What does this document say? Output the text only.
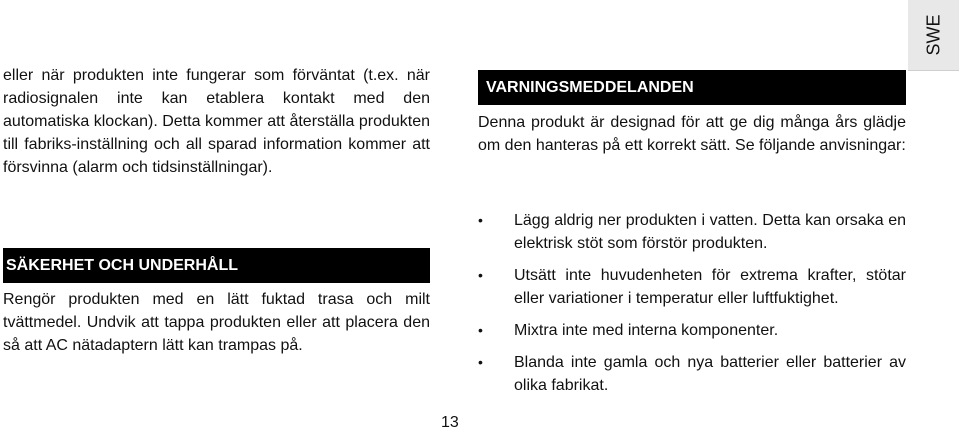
SWE

eller när produkten inte fungerar som förväntat (t.ex. när radiosignalen inte kan etablera kontakt med den automatiska klockan). Detta kommer att återställa produkten till fabriks-inställning och all sparad information kommer att försvinna (alarm och tidsinställningar).

SÄKERHET OCH UNDERHÅLL

Rengör produkten med en lätt fuktad trasa och milt tvättmedel. Undvik att tappa produkten eller att placera den så att AC nätadaptern lätt kan trampas på.

VARNINGSMEDDELANDEN

Denna produkt är designad för att ge dig många års glädje om den hanteras på ett korrekt sätt. Se följande anvisningar:

• Lägg aldrig ner produkten i vatten. Detta kan orsaka en elektrisk stöt som förstör produkten.
• Utsätt inte huvudenheten för extrema krafter, stötar eller variationer i temperatur eller luftfuktighet.
• Mixtra inte med interna komponenter.
• Blanda inte gamla och nya batterier eller batterier av olika fabrikat.
13
